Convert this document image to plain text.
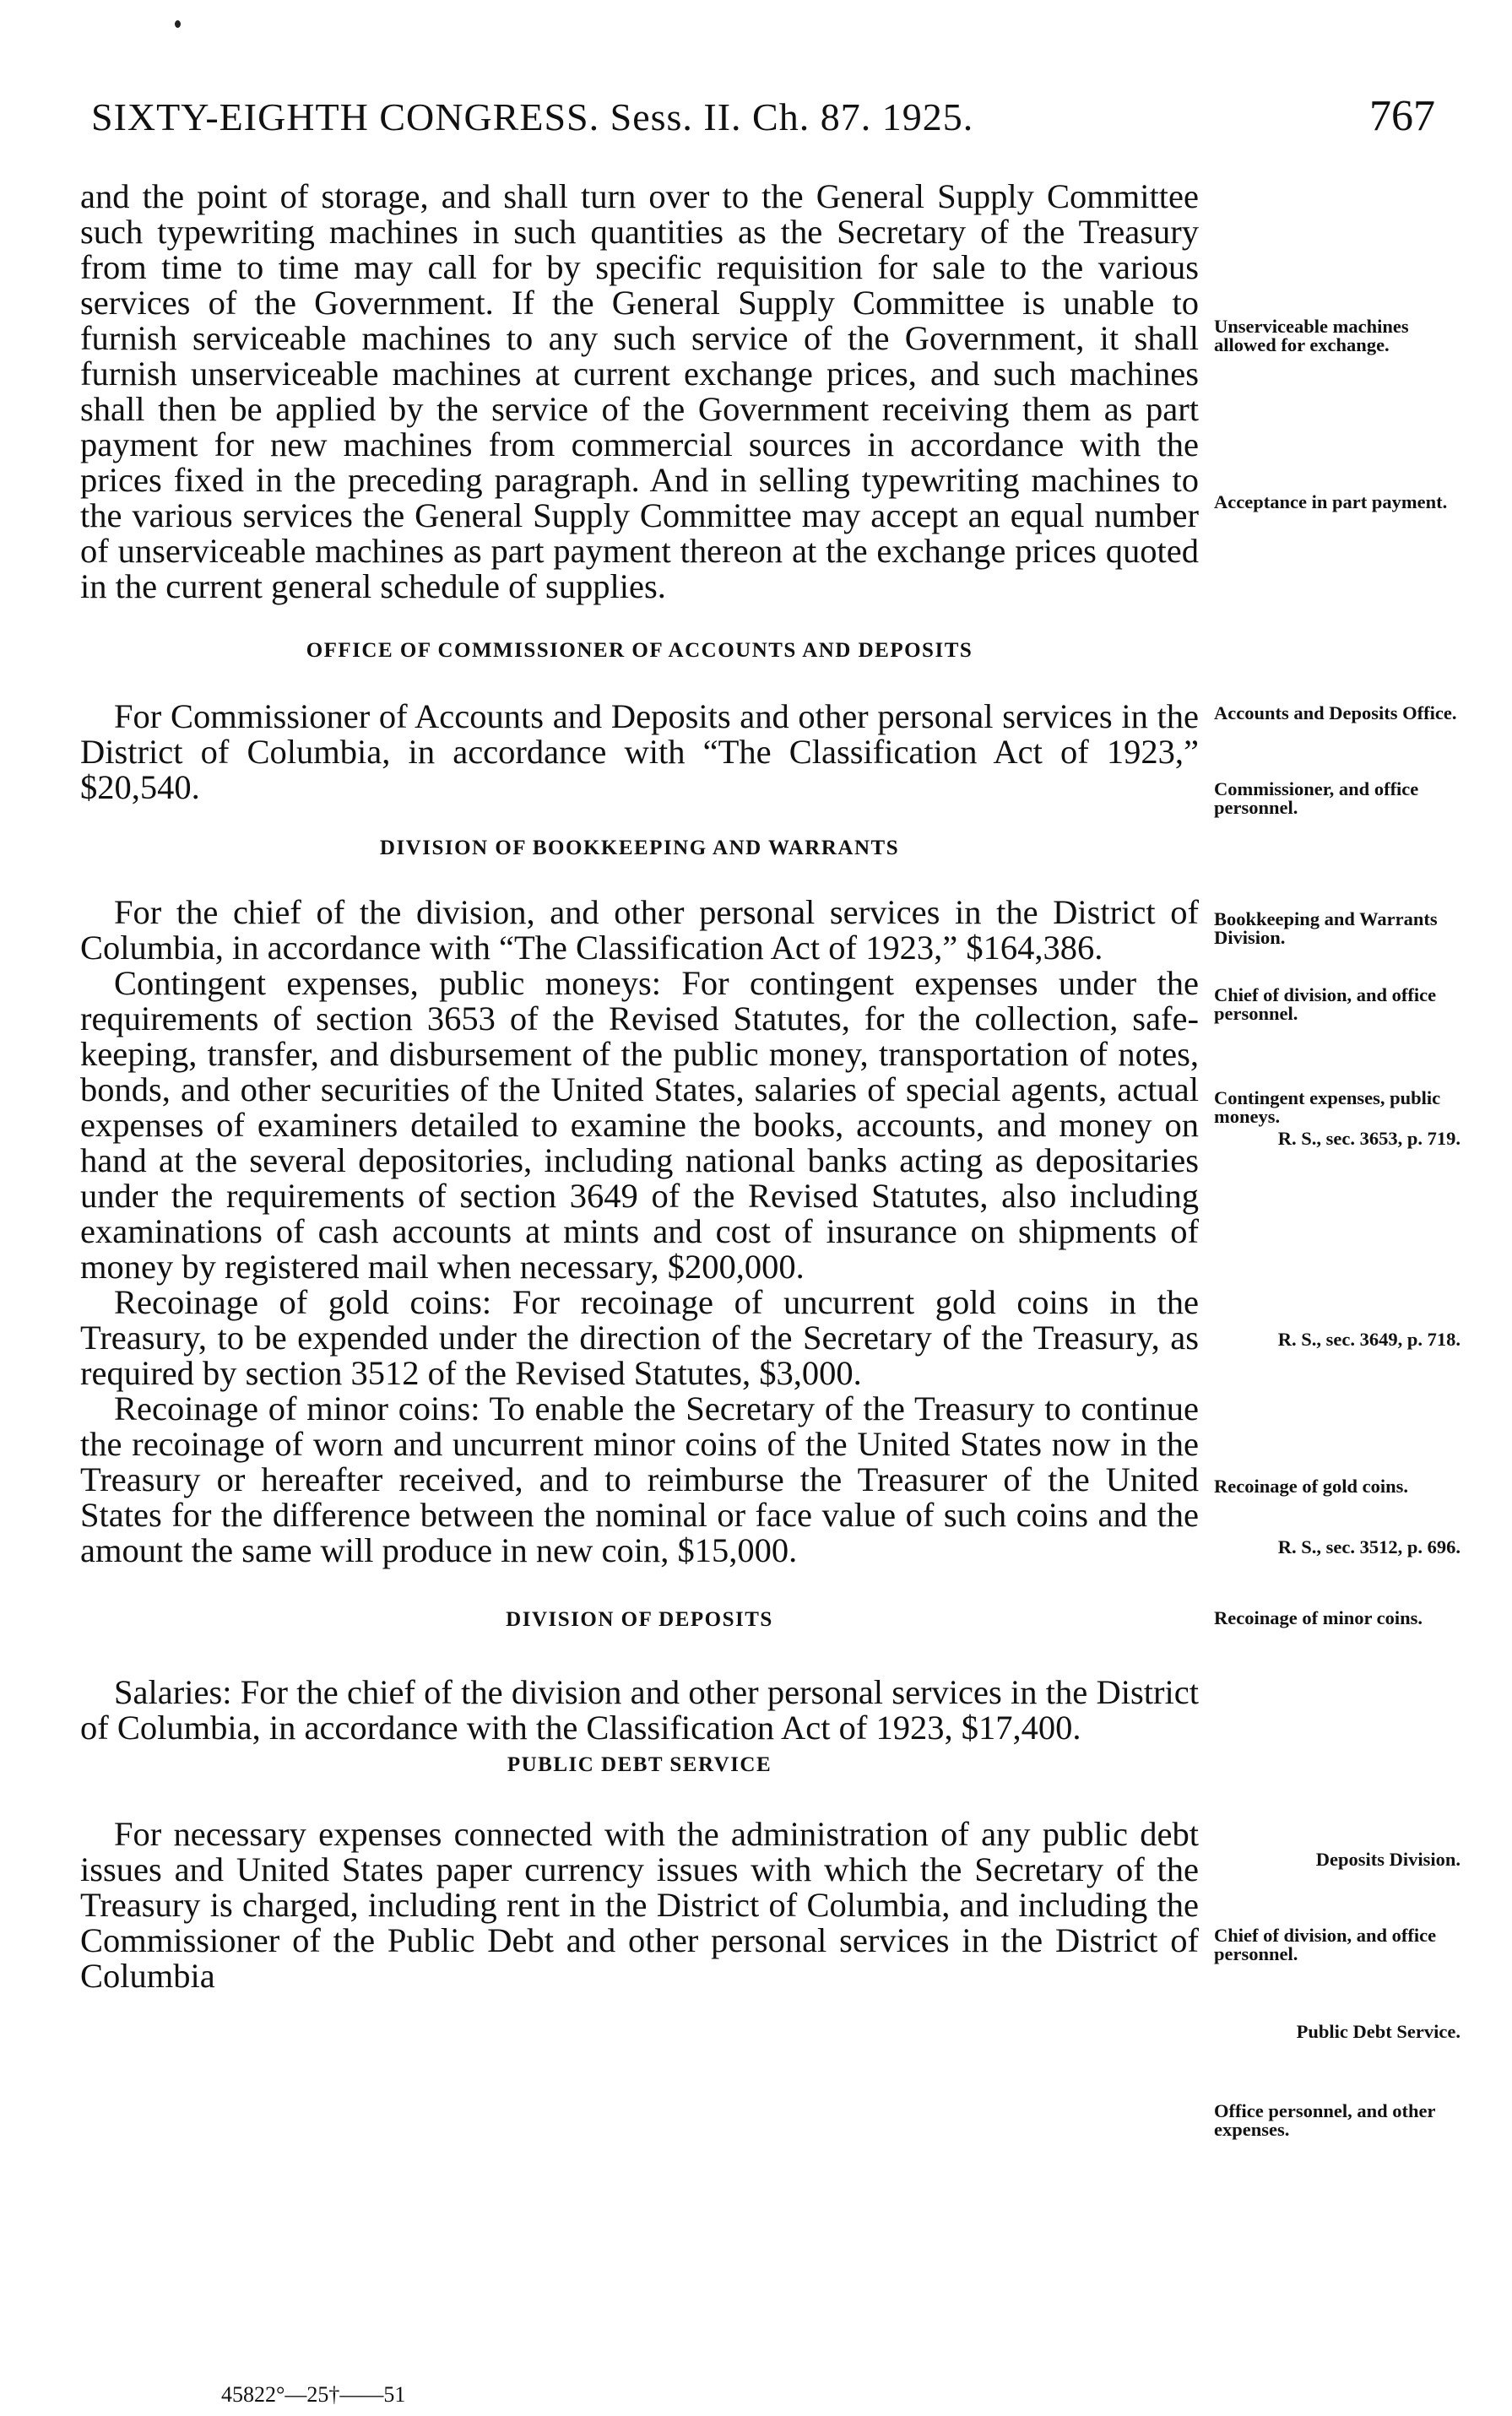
SIXTY-EIGHTH CONGRESS. Sess. II. Ch. 87. 1925.	767

and the point of storage, and shall turn over to the General Supply Committee such typewriting machines in such quantities as the Secretary of the Treasury from time to time may call for by specific requisition for sale to the various services of the Government. If the General Supply Committee is unable to furnish serviceable machines to any such service of the Government, it shall furnish unserviceable machines at current exchange prices, and such machines shall then be applied by the service of the Government receiving them as part payment for new machines from commercial sources in accordance with the prices fixed in the preceding paragraph. And in selling typewriting machines to the various services the General Supply Committee may accept an equal number of unserviceable machines as part payment thereon at the exchange prices quoted in the current general schedule of supplies.

OFFICE OF COMMISSIONER OF ACCOUNTS AND DEPOSITS

For Commissioner of Accounts and Deposits and other personal services in the District of Columbia, in accordance with “The Classification Act of 1923,” $20,540.

DIVISION OF BOOKKEEPING AND WARRANTS

For the chief of the division, and other personal services in the District of Columbia, in accordance with “The Classification Act of 1923,” $164,386.

Contingent expenses, public moneys: For contingent expenses under the requirements of section 3653 of the Revised Statutes, for the collection, safe-keeping, transfer, and disbursement of the public money, transportation of notes, bonds, and other securities of the United States, salaries of special agents, actual expenses of examiners detailed to examine the books, accounts, and money on hand at the several depositories, including national banks acting as depositaries under the requirements of section 3649 of the Revised Statutes, also including examinations of cash accounts at mints and cost of insurance on shipments of money by registered mail when necessary, $200,000.

Recoinage of gold coins: For recoinage of uncurrent gold coins in the Treasury, to be expended under the direction of the Secretary of the Treasury, as required by section 3512 of the Revised Statutes, $3,000.

Recoinage of minor coins: To enable the Secretary of the Treasury to continue the recoinage of worn and uncurrent minor coins of the United States now in the Treasury or hereafter received, and to reimburse the Treasurer of the United States for the difference between the nominal or face value of such coins and the amount the same will produce in new coin, $15,000.

DIVISION OF DEPOSITS

Salaries: For the chief of the division and other personal services in the District of Columbia, in accordance with the Classification Act of 1923, $17,400.

PUBLIC DEBT SERVICE

For necessary expenses connected with the administration of any public debt issues and United States paper currency issues with which the Secretary of the Treasury is charged, including rent in the District of Columbia, and including the Commissioner of the Public Debt and other personal services in the District of Columbia

Unserviceable machines allowed for exchange.
Acceptance in part payment.
Accounts and Deposits Office.
Commissioner, and office personnel.
Bookkeeping and Warrants Division.
Chief of division, and office personnel.
Contingent expenses, public moneys.
R. S., sec. 3653, p. 719.
R. S., sec. 3649, p. 718.
Recoinage of gold coins.
R. S., sec. 3512, p. 696.
Recoinage of minor coins.
Deposits Division.
Chief of division, and office personnel.
Public Debt Service.
Office personnel, and other expenses.
45822°—25†——51
